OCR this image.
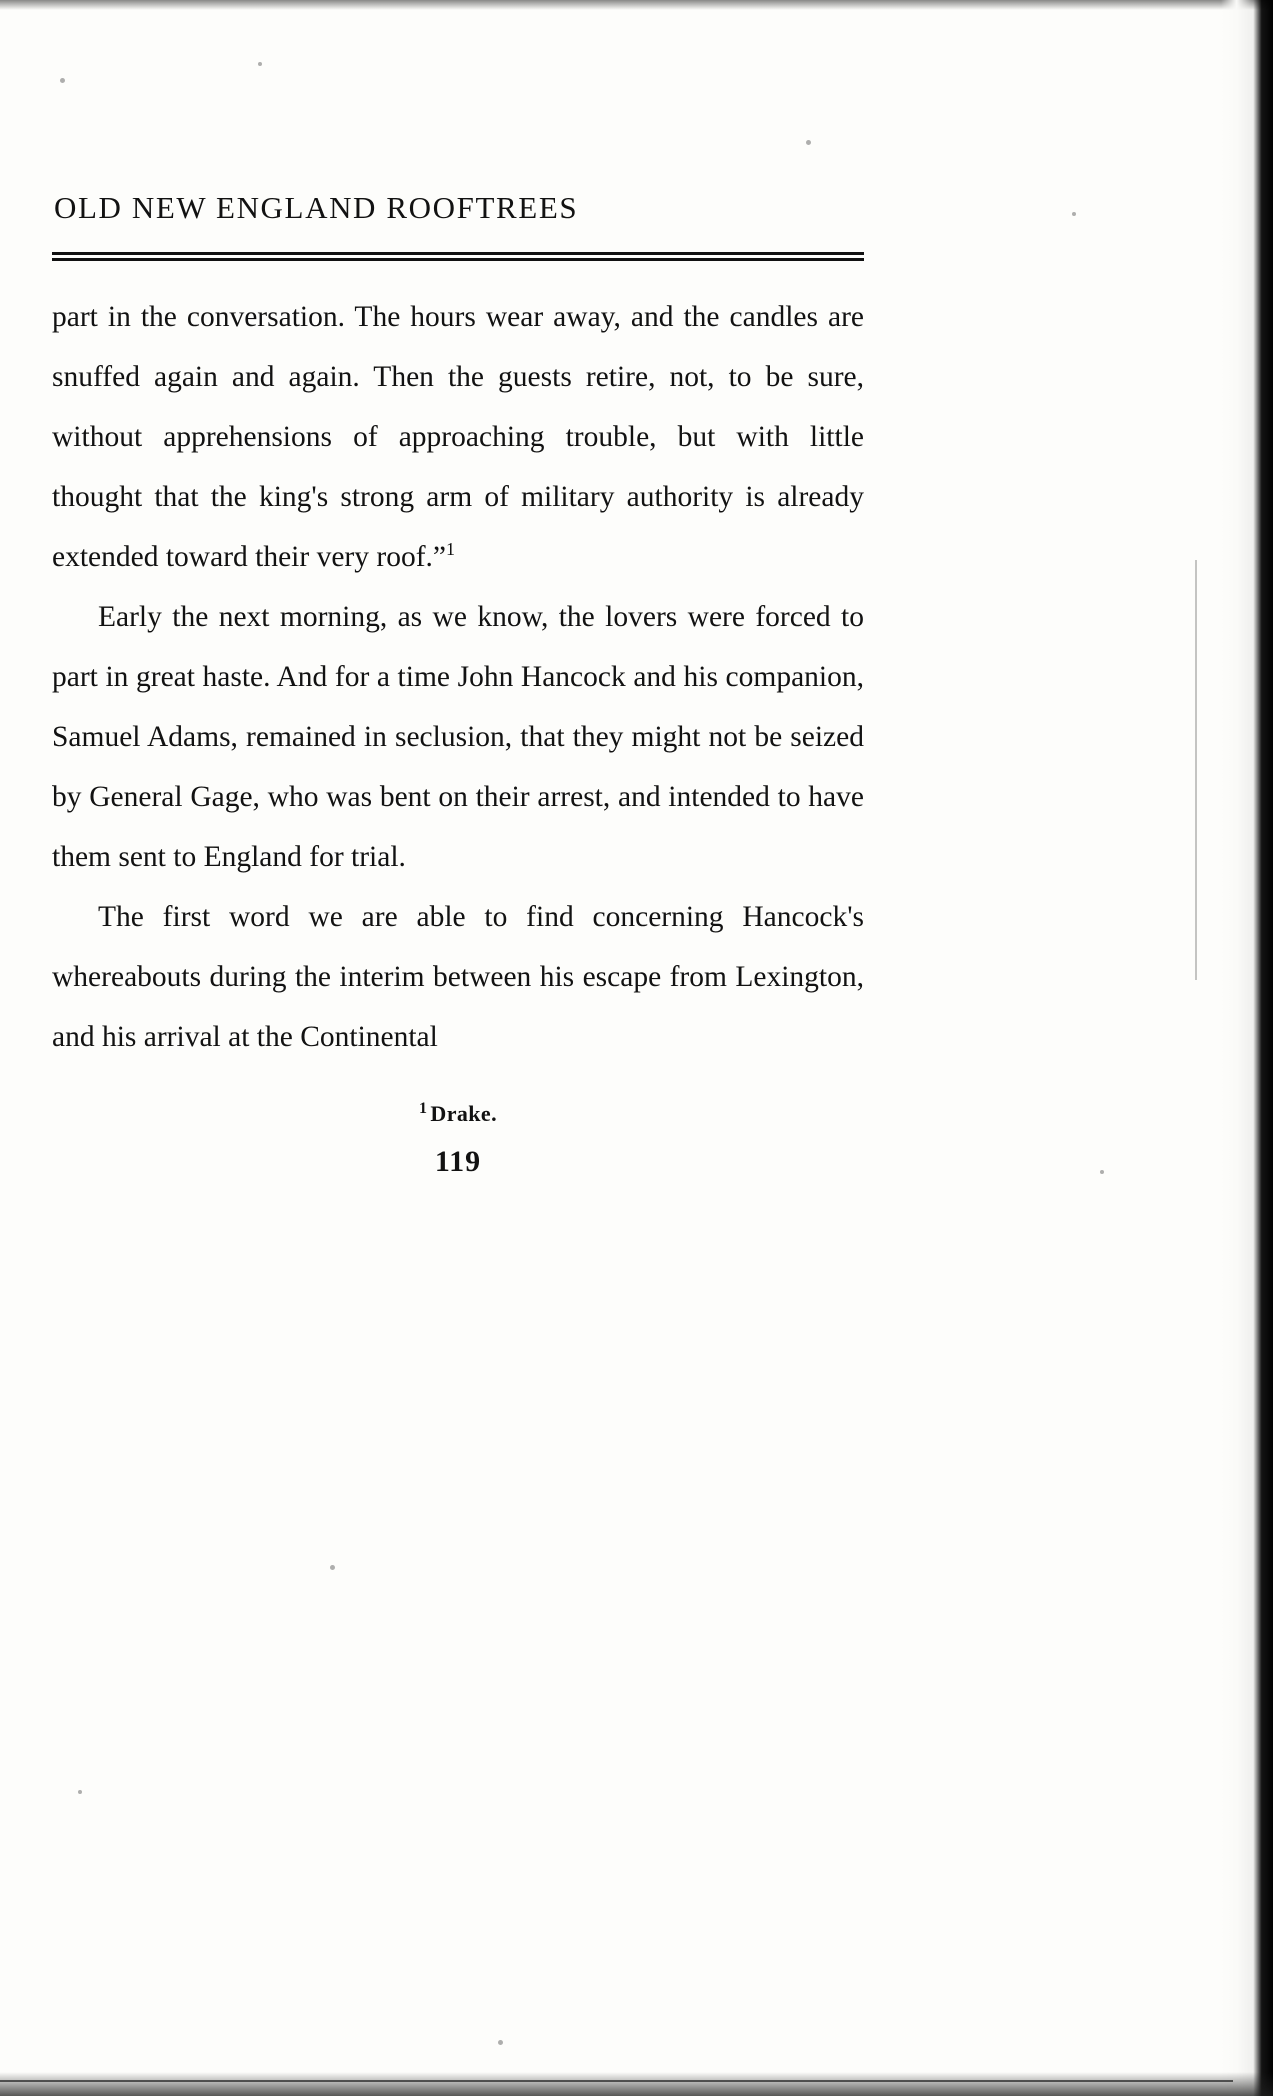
OLD NEW ENGLAND ROOFTREES

part in the conversation. The hours wear away, and the candles are snuffed again and again. Then the guests retire, not, to be sure, without apprehensions of approaching trouble, but with little thought that the king's strong arm of military authority is already extended toward their very roof.”$^1$

Early the next morning, as we know, the lovers were forced to part in great haste. And for a time John Hancock and his companion, Samuel Adams, remained in seclusion, that they might not be seized by General Gage, who was bent on their arrest, and intended to have them sent to England for trial.

The first word we are able to find concerning Hancock's whereabouts during the interim between his escape from Lexington, and his arrival at the Continental

$^1$ Drake.
119
